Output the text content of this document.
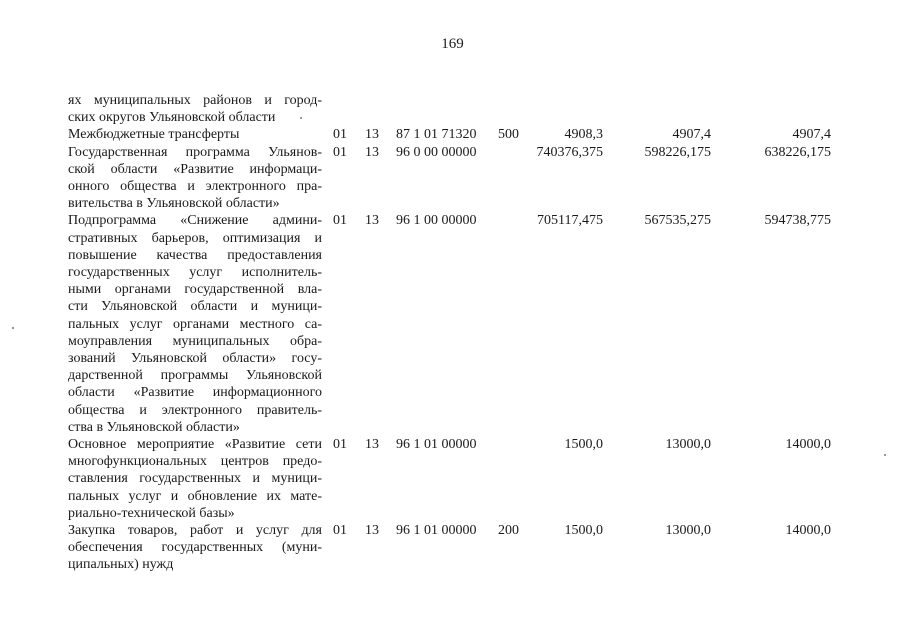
169
ях муниципальных районов и город-
ских округов Ульяновской области
Межбюджетные трансферты	01 13 87 1 01 71320 500	4908,3	4907,4	4907,4
Государственная программа Ульянов-
ской области «Развитие информаци-
онного общества и электронного пра-
вительства в Ульяновской области»
01 13 96 0 00 00000	740376,375	598226,175	638226,175
Подпрограмма «Снижение админи-
стративных барьеров, оптимизация и
повышение качества предоставления
государственных услуг исполнитель-
ными органами государственной вла-
сти Ульяновской области и муници-
пальных услуг органами местного са-
моуправления муниципальных обра-
зований Ульяновской области» госу-
дарственной программы Ульяновской
области «Развитие информационного
общества и электронного правитель-
ства в Ульяновской области»
01 13 96 1 00 00000	705117,475	567535,275	594738,775
Основное мероприятие «Развитие сети
многофункциональных центров предо-
ставления государственных и муници-
пальных услуг и обновление их мате-
риально-технической базы»
01 13 96 1 01 00000	1500,0	13000,0	14000,0
Закупка товаров, работ и услуг для
обеспечения государственных (муни-
ципальных) нужд
01 13 96 1 01 00000 200	1500,0	13000,0	14000,0
